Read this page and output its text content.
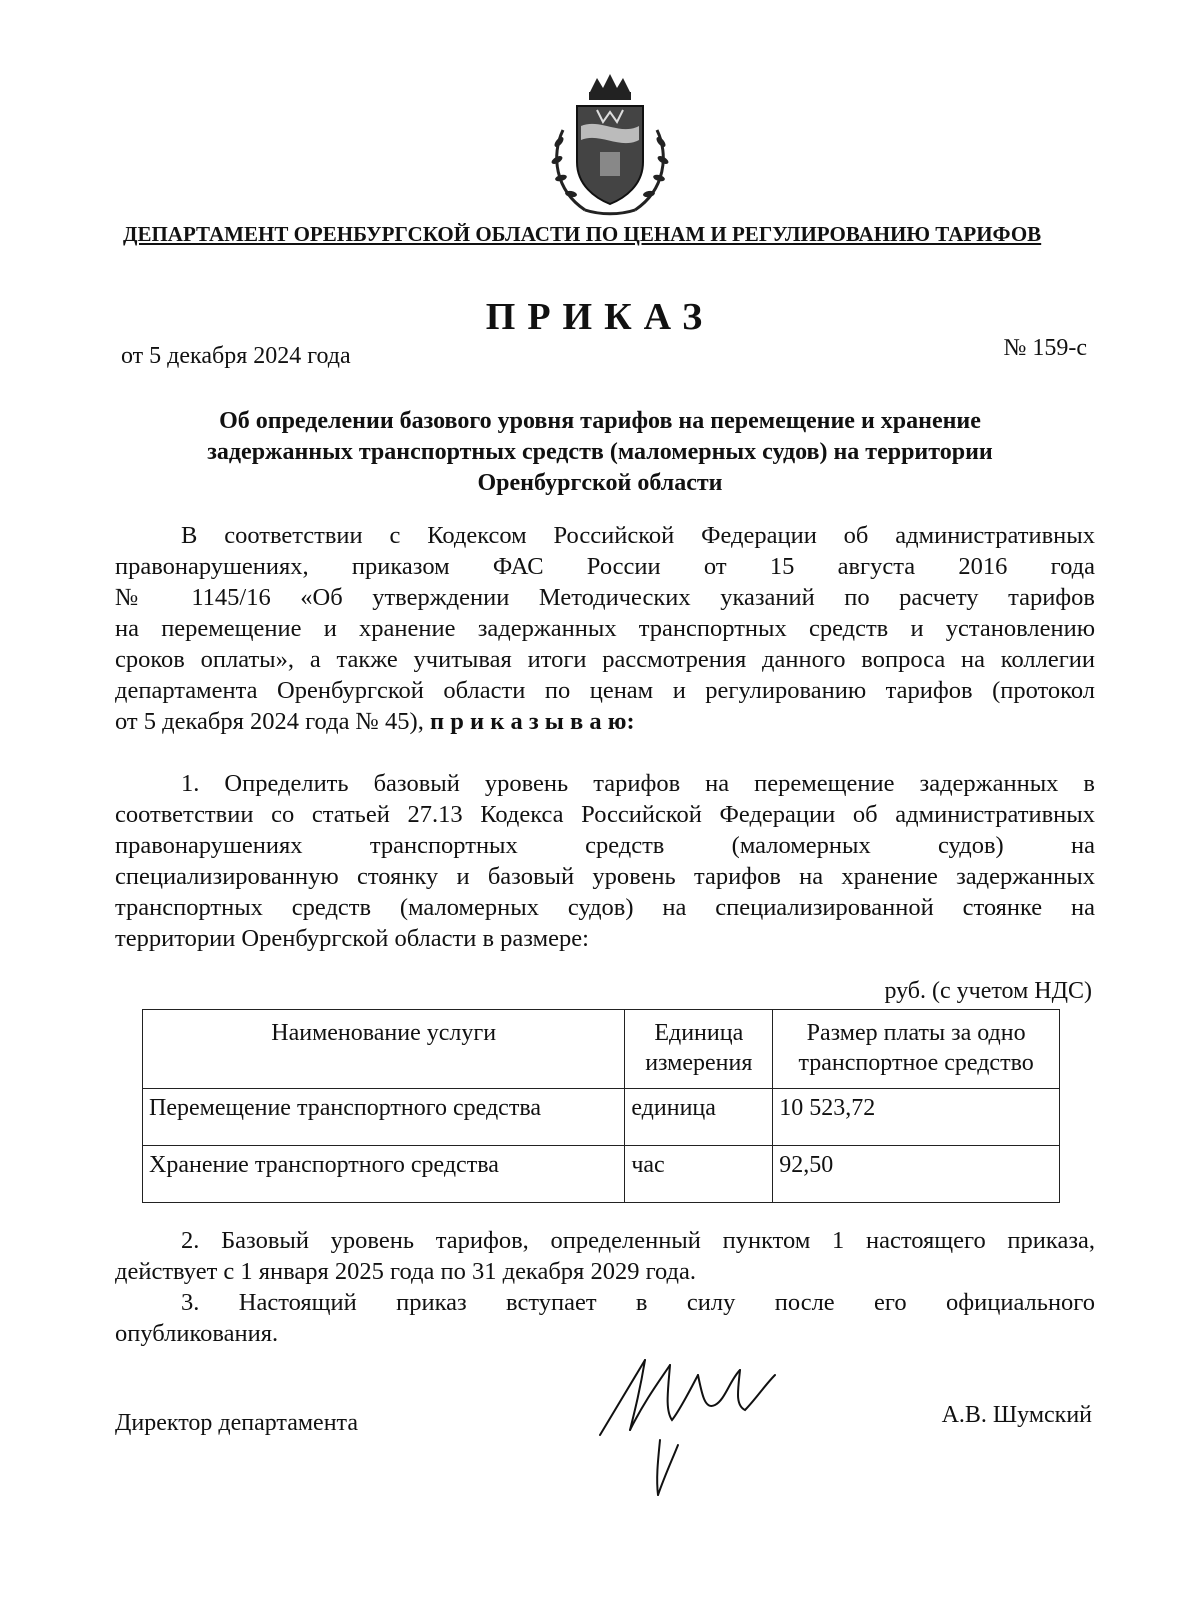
ДЕПАРТАМЕНТ ОРЕНБУРГСКОЙ ОБЛАСТИ ПО ЦЕНАМ И РЕГУЛИРОВАНИЮ ТАРИФОВ
ПРИКАЗ
от 5 декабря 2024 года	№ 159-с
Об определении базового уровня тарифов на перемещение и хранение
задержанных транспортных средств (маломерных судов) на территории
Оренбургской области
В соответствии с Кодексом Российской Федерации об административных
правонарушениях, приказом ФАС России от 15 августа 2016 года
№ 1145/16 «Об утверждении Методических указаний по расчету тарифов
на перемещение и хранение задержанных транспортных средств и установлению
сроков оплаты», а также учитывая итоги рассмотрения данного вопроса на коллегии
департамента Оренбургской области по ценам и регулированию тарифов (протокол
от 5 декабря 2024 года № 45), п р и к а з ы в а ю:
1. Определить базовый уровень тарифов на перемещение задержанных в
соответствии со статьей 27.13 Кодекса Российской Федерации об административных
правонарушениях транспортных средств (маломерных судов) на
специализированную стоянку и базовый уровень тарифов на хранение задержанных
транспортных средств (маломерных судов) на специализированной стоянке на
территории Оренбургской области в размере:
руб. (с учетом НДС)
Наименование услуги	Единица измерения	Размер платы за одно транспортное средство
Перемещение транспортного средства	единица	10 523,72
Хранение транспортного средства	час	92,50
2. Базовый уровень тарифов, определенный пунктом 1 настоящего приказа,
действует с 1 января 2025 года по 31 декабря 2029 года.
3. Настоящий приказ вступает в силу после его официального
опубликования.
Директор департамента	А.В. Шумский
